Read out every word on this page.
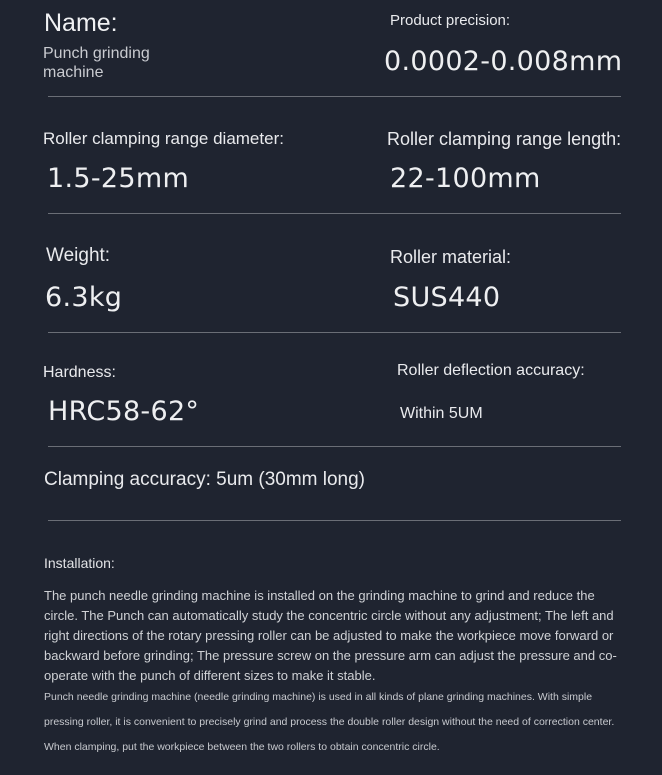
Name:
Punch grinding machine
Product precision:
0.0002-0.008mm
Roller clamping range diameter:	Roller clamping range length:
1.5-25mm	22-100mm
Weight:	Roller material:
6.3kg	SUS440
Hardness:	Roller deflection accuracy:
HRC58-62°	Within 5UM
Clamping accuracy: 5um (30mm long)
Installation:
The punch needle grinding machine is installed on the grinding machine to grind and reduce the circle. The Punch can automatically study the concentric circle without any adjustment; The left and right directions of the rotary pressing roller can be adjusted to make the workpiece move forward or backward before grinding; The pressure screw on the pressure arm can adjust the pressure and co-operate with the punch of different sizes to make it stable.
Punch needle grinding machine (needle grinding machine) is used in all kinds of plane grinding machines. With simple pressing roller, it is convenient to precisely grind and process the double roller design without the need of correction center. When clamping, put the workpiece between the two rollers to obtain concentric circle.
